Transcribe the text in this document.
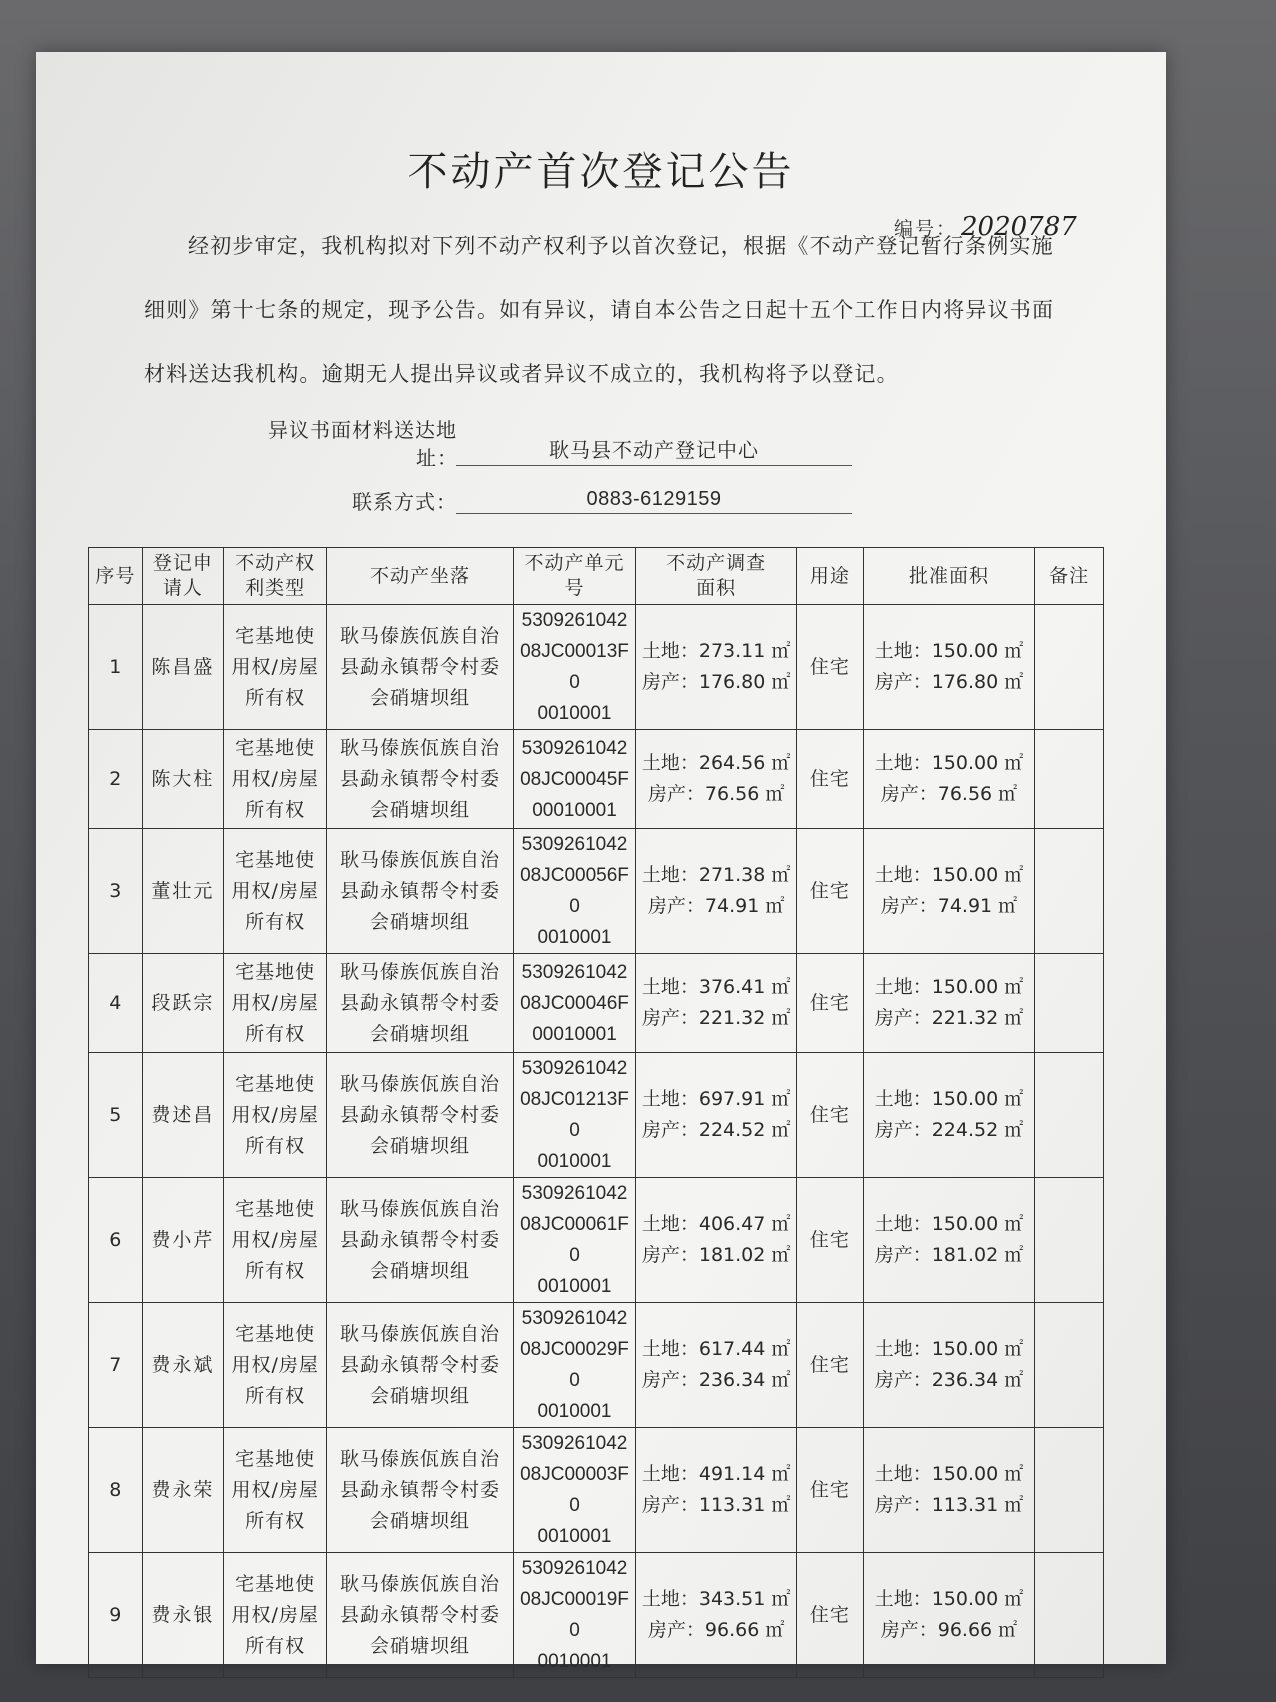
不动产首次登记公告
编号： 2020787
经初步审定，我机构拟对下列不动产权利予以首次登记，根据《不动产登记暂行条例实施
细则》第十七条的规定，现予公告。如有异议，请自本公告之日起十五个工作日内将异议书面
材料送达我机构。逾期无人提出异议或者异议不成立的，我机构将予以登记。
异议书面材料送达地
址：	耿马县不动产登记中心
联系方式：	0883-6129159
序号	登记申
请人	不动产权
利类型	不动产坐落	不动产单元
号	不动产调查
面积	用途	批准面积	备注

1	陈昌盛	宅基地使
用权/房屋
所有权	耿马傣族佤族自治
县勐永镇帮令村委
会硝塘坝组	5309261042
08JC00013F0
0010001	土地：273.11 ㎡
房产：176.80 ㎡	住宅	土地：150.00 ㎡
房产：176.80 ㎡	

2	陈大柱	宅基地使
用权/房屋
所有权	耿马傣族佤族自治
县勐永镇帮令村委
会硝塘坝组	5309261042
08JC00045F
00010001	土地：264.56 ㎡
房产：76.56 ㎡	住宅	土地：150.00 ㎡
房产：76.56 ㎡	

3	董壮元	宅基地使
用权/房屋
所有权	耿马傣族佤族自治
县勐永镇帮令村委
会硝塘坝组	5309261042
08JC00056F0
0010001	土地：271.38 ㎡
房产：74.91 ㎡	住宅	土地：150.00 ㎡
房产：74.91 ㎡	

4	段跃宗	宅基地使
用权/房屋
所有权	耿马傣族佤族自治
县勐永镇帮令村委
会硝塘坝组	5309261042
08JC00046F
00010001	土地：376.41 ㎡
房产：221.32 ㎡	住宅	土地：150.00 ㎡
房产：221.32 ㎡	

5	费述昌	宅基地使
用权/房屋
所有权	耿马傣族佤族自治
县勐永镇帮令村委
会硝塘坝组	5309261042
08JC01213F0
0010001	土地：697.91 ㎡
房产：224.52 ㎡	住宅	土地：150.00 ㎡
房产：224.52 ㎡	

6	费小芹	宅基地使
用权/房屋
所有权	耿马傣族佤族自治
县勐永镇帮令村委
会硝塘坝组	5309261042
08JC00061F0
0010001	土地：406.47 ㎡
房产：181.02 ㎡	住宅	土地：150.00 ㎡
房产：181.02 ㎡	

7	费永斌	宅基地使
用权/房屋
所有权	耿马傣族佤族自治
县勐永镇帮令村委
会硝塘坝组	5309261042
08JC00029F0
0010001	土地：617.44 ㎡
房产：236.34 ㎡	住宅	土地：150.00 ㎡
房产：236.34 ㎡	

8	费永荣	宅基地使
用权/房屋
所有权	耿马傣族佤族自治
县勐永镇帮令村委
会硝塘坝组	5309261042
08JC00003F0
0010001	土地：491.14 ㎡
房产：113.31 ㎡	住宅	土地：150.00 ㎡
房产：113.31 ㎡	

9	费永银	宅基地使
用权/房屋
所有权	耿马傣族佤族自治
县勐永镇帮令村委
会硝塘坝组	5309261042
08JC00019F0
0010001	土地：343.51 ㎡
房产：96.66 ㎡	住宅	土地：150.00 ㎡
房产：96.66 ㎡	
